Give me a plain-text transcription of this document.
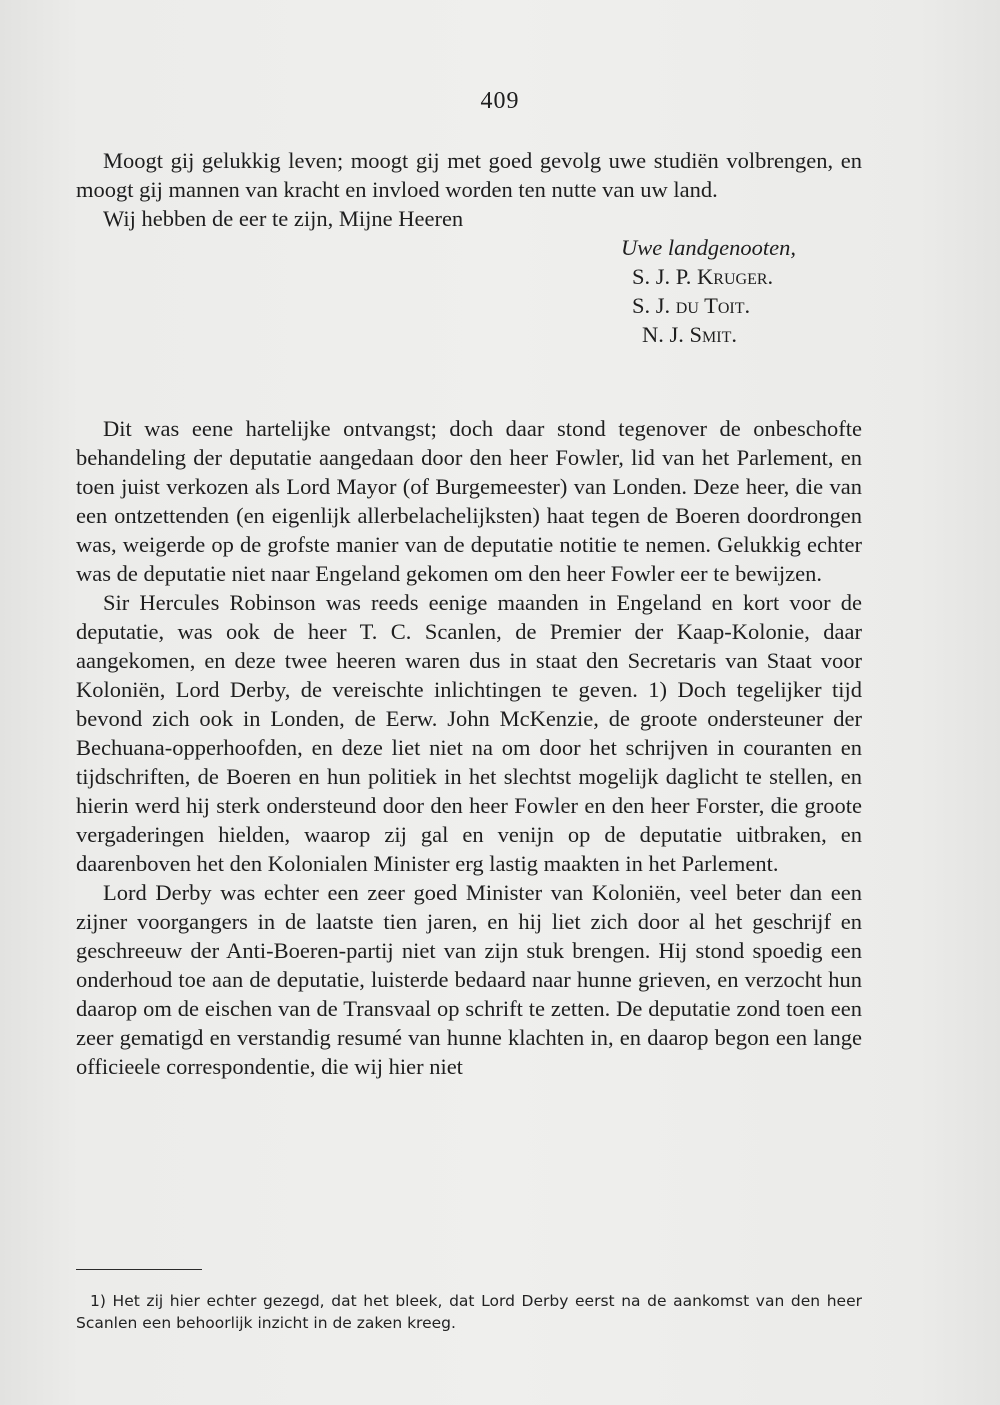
409

Moogt gij gelukkig leven; moogt gij met goed gevolg uwe studiën volbrengen, en moogt gij mannen van kracht en invloed worden ten nutte van uw land.

Wij hebben de eer te zijn, Mijne Heeren

Uwe landgenooten,
S. J. P. Kruger.
S. J. du Toit.
N. J. Smit.

Dit was eene hartelijke ontvangst; doch daar stond tegenover de onbeschofte behandeling der deputatie aangedaan door den heer Fowler, lid van het Parlement, en toen juist verkozen als Lord Mayor (of Burgemeester) van Londen. Deze heer, die van een ontzettenden (en eigenlijk allerbelachelijksten) haat tegen de Boeren doordrongen was, weigerde op de grofste manier van de deputatie notitie te nemen. Gelukkig echter was de deputatie niet naar Engeland gekomen om den heer Fowler eer te bewijzen.

Sir Hercules Robinson was reeds eenige maanden in Engeland en kort voor de deputatie, was ook de heer T. C. Scanlen, de Premier der Kaap-Kolonie, daar aangekomen, en deze twee heeren waren dus in staat den Secretaris van Staat voor Koloniën, Lord Derby, de vereischte inlichtingen te geven. 1) Doch tegelijker tijd bevond zich ook in Londen, de Eerw. John McKenzie, de groote ondersteuner der Bechuana-opperhoofden, en deze liet niet na om door het schrijven in couranten en tijdschriften, de Boeren en hun politiek in het slechtst mogelijk daglicht te stellen, en hierin werd hij sterk ondersteund door den heer Fowler en den heer Forster, die groote vergaderingen hielden, waarop zij gal en venijn op de deputatie uitbraken, en daarenboven het den Kolonialen Minister erg lastig maakten in het Parlement.

Lord Derby was echter een zeer goed Minister van Koloniën, veel beter dan een zijner voorgangers in de laatste tien jaren, en hij liet zich door al het geschrijf en geschreeuw der Anti-Boeren-partij niet van zijn stuk brengen. Hij stond spoedig een onderhoud toe aan de deputatie, luisterde bedaard naar hunne grieven, en verzocht hun daarop om de eischen van de Transvaal op schrift te zetten. De deputatie zond toen een zeer gematigd en verstandig resumé van hunne klachten in, en daarop begon een lange officieele correspondentie, die wij hier niet

1) Het zij hier echter gezegd, dat het bleek, dat Lord Derby eerst na de aankomst van den heer Scanlen een behoorlijk inzicht in de zaken kreeg.
